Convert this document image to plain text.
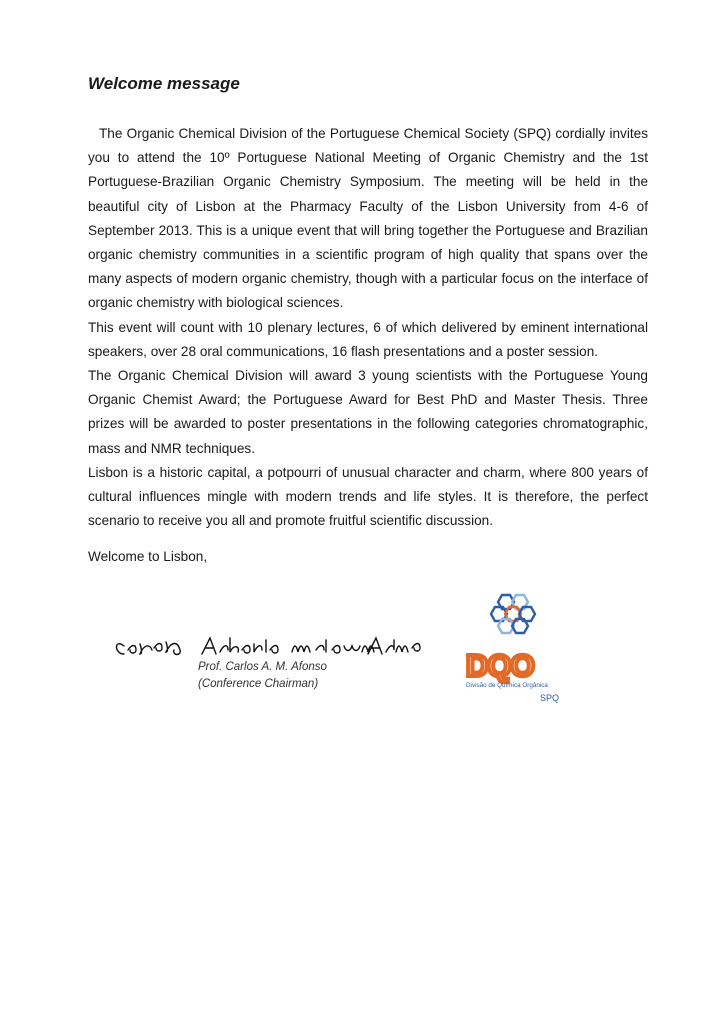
Welcome message

The Organic Chemical Division of the Portuguese Chemical Society (SPQ) cordially invites you to attend the 10º Portuguese National Meeting of Organic Chemistry and the 1st Portuguese-Brazilian Organic Chemistry Symposium. The meeting will be held in the beautiful city of Lisbon at the Pharmacy Faculty of the Lisbon University from 4-6 of September 2013. This is a unique event that will bring together the Portuguese and Brazilian organic chemistry communities in a scientific program of high quality that spans over the many aspects of modern organic chemistry, though with a particular focus on the interface of organic chemistry with biological sciences.

This event will count with 10 plenary lectures, 6 of which delivered by eminent international speakers, over 28 oral communications, 16 flash presentations and a poster session.

The Organic Chemical Division will award 3 young scientists with the Portuguese Young Organic Chemist Award; the Portuguese Award for Best PhD and Master Thesis. Three prizes will be awarded to poster presentations in the following categories chromatographic, mass and NMR techniques.

Lisbon is a historic capital, a potpourri of unusual character and charm, where 800 years of cultural influences mingle with modern trends and life styles. It is therefore, the perfect scenario to receive you all and promote fruitful scientific discussion.

Welcome to Lisbon,

Prof. Carlos A. M. Afonso
(Conference Chairman)
DQO
Divisão de Química Orgânica
SPQ
